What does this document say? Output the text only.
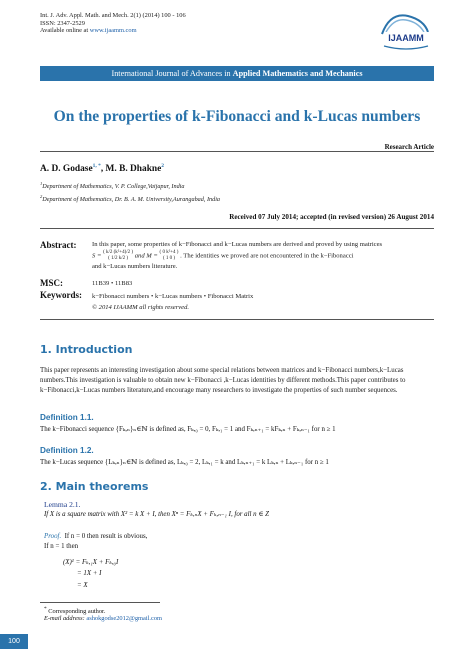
Int. J. Adv. Appl. Math. and Mech. 2(1) (2014) 100 - 106
ISSN: 2347-2529
Available online at www.ijaamm.com
IJAAMM
International Journal of Advances in Applied Mathematics and Mechanics
On the properties of k-Fibonacci and k-Lucas numbers
Research Article
A. D. Godase$^{1, *}$, M. B. Dhakne$^2$
$^1$Department of Mathematics, V. P. College,Vaijapur, India
$^2$Department of Mathematics, Dr. B. A. M. University,Aurangabad, India
Received 07 July 2014; accepted (in revised version) 26 August 2014
Abstract: In this paper, some properties of k−Fibonacci and k−Lucas numbers are derived and proved by using matrices
S = ( k/2 (k²+4)/2 )
( 1/2 k/2 ) and M = ( 0 k²+4 )
( 1 0 ) . The identities we proved are not encountered in the k−Fibonacci
and k−Lucas numbers literature.
MSC:	11B39 • 11B83
Keywords: k−Fibonacci numbers • k−Lucas numbers • Fibonacci Matrix
© 2014 IJAAMM all rights reserved.
1. Introduction
This paper represents an interesting investigation about some special relations between matrices and k−Fibonacci numbers,k−Lucas numbers.This investigation is valuable to obtain new k−Fibonacci ,k−Lucas identities by different methods.This paper contributes to k−Fibonacci,k−Lucas numbers literature,and encourage many researchers to investigate the properties of such number sequences.
Definition 1.1.
The k−Fibonacci sequence {Fₖ,ₙ}ₙ∈ℕ is defined as, Fₖ,₀ = 0, Fₖ,₁ = 1 and Fₖ,ₙ₊₁ = kFₖ,ₙ + Fₖ,ₙ₋₁ for n ≥ 1
Definition 1.2.
The k−Lucas sequence {Lₖ,ₙ}ₙ∈ℕ is defined as, Lₖ,₀ = 2, Lₖ,₁ = k and Lₖ,ₙ₊₁ = k Lₖ,ₙ + Lₖ,ₙ₋₁ for n ≥ 1
2. Main theorems
Lemma 2.1.
If X is a square matrix with X² = k X + I, then Xⁿ = Fₖ,ₙX + Fₖ,ₙ₋₁ I, for all n ∈ Z
Proof. If n = 0 then result is obvious,
If n = 1 then
(X)¹ = Fₖ,₁X + Fₖ,₀I
= 1X + I
= X
* Corresponding author.
E-mail address: ashokgodse2012@gmail.com
100
